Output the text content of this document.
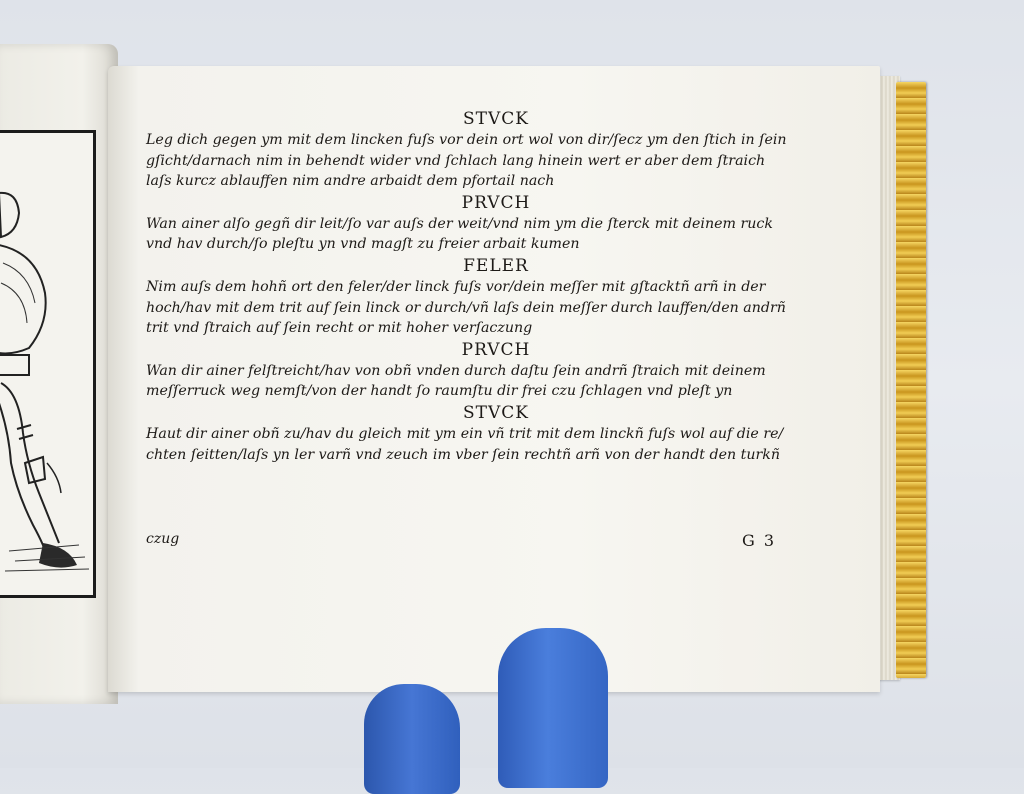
STVCK

Leg dich gegen ym mit dem lincken fuſs vor dein ort wol von dir/ſecz ym den ſtich in ſein

gſicht/darnach nim in behendt wider vnd ſchlach lang hinein wert er aber dem ſtraich

laſs kurcz ablauffen nim andre arbaidt dem pfortail nach

PRVCH

Wan ainer alſo gegñ dir leit/ſo var auſs der weit/vnd nim ym die ſterck mit deinem ruck

vnd hav durch/ſo pleſtu yn vnd magſt zu freier arbait kumen

FELER

Nim auſs dem hohñ ort den feler/der linck fuſs vor/dein meſſer mit gſtacktñ arñ in der

hoch/hav mit dem trit auf ſein linck or durch/vñ laſs dein meſſer durch lauffen/den andrñ

trit vnd ſtraich auf ſein recht or mit hoher verſaczung

PRVCH

Wan dir ainer felſtreicht/hav von obñ vnden durch daſtu ſein andrñ ſtraich mit deinem

meſſerruck weg nemſt/von der handt ſo raumſtu dir frei czu ſchlagen vnd pleſt yn

STVCK

Haut dir ainer obñ zu/hav du gleich mit ym ein vñ trit mit dem linckñ fuſs wol auf die re/

chten ſeitten/laſs yn ler varñ vnd zeuch im vber ſein rechtñ arñ von der handt den turkñ

czug	G 3
